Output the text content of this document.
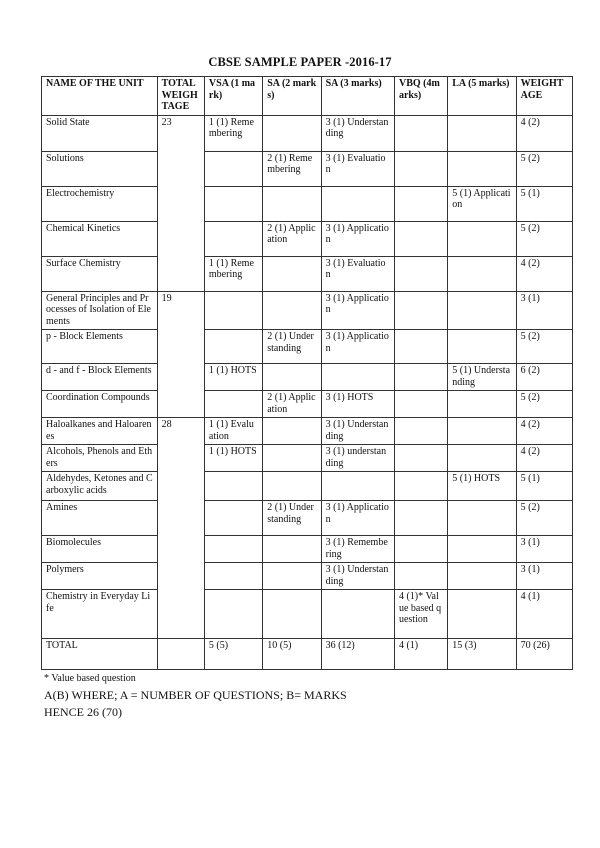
CBSE SAMPLE PAPER -2016-17
NAME OF THE UNIT	TOTAL WEIGHTAGE	VSA (1 mark)	SA (2 marks)	SA (3 marks)	VBQ (4marks)	LA (5 marks)	WEIGHTAGE
Solid State	23	1 (1) Remembering		3 (1) Understanding			4 (2)
Solutions			2 (1) Remembering	3 (1) Evaluation			5 (2)
Electrochemistry						5 (1) Application	5 (1)
Chemical Kinetics			2 (1) Application	3 (1) Application			5 (2)
Surface Chemistry		1 (1) Remembering		3 (1) Evaluation			4 (2)
General Principles and Processes of Isolation of Elements	19			3 (1) Application			3 (1)
p - Block Elements			2 (1) Understanding	3 (1) Application			5 (2)
d - and f - Block Elements		1 (1) HOTS				5 (1) Understanding	6 (2)
Coordination Compounds			2 (1) Application	3 (1) HOTS			5 (2)
Haloalkanes and Haloarenes	28	1 (1) Evaluation		3 (1) Understanding			4 (2)
Alcohols, Phenols and Ethers		1 (1) HOTS		3 (1) understanding			4 (2)
Aldehydes, Ketones and Carboxylic acids						5 (1) HOTS	5 (1)
Amines			2 (1) Understanding	3 (1) Application			5 (2)
Biomolecules				3 (1) Remembering			3 (1)
Polymers				3 (1) Understanding			3 (1)
Chemistry in Everyday Life					4 (1)* Value based question		4 (1)
TOTAL		5 (5)	10 (5)	36 (12)	4 (1)	15 (3)	70 (26)
* Value based question
A(B) WHERE; A = NUMBER OF QUESTIONS; B= MARKS
HENCE 26 (70)
